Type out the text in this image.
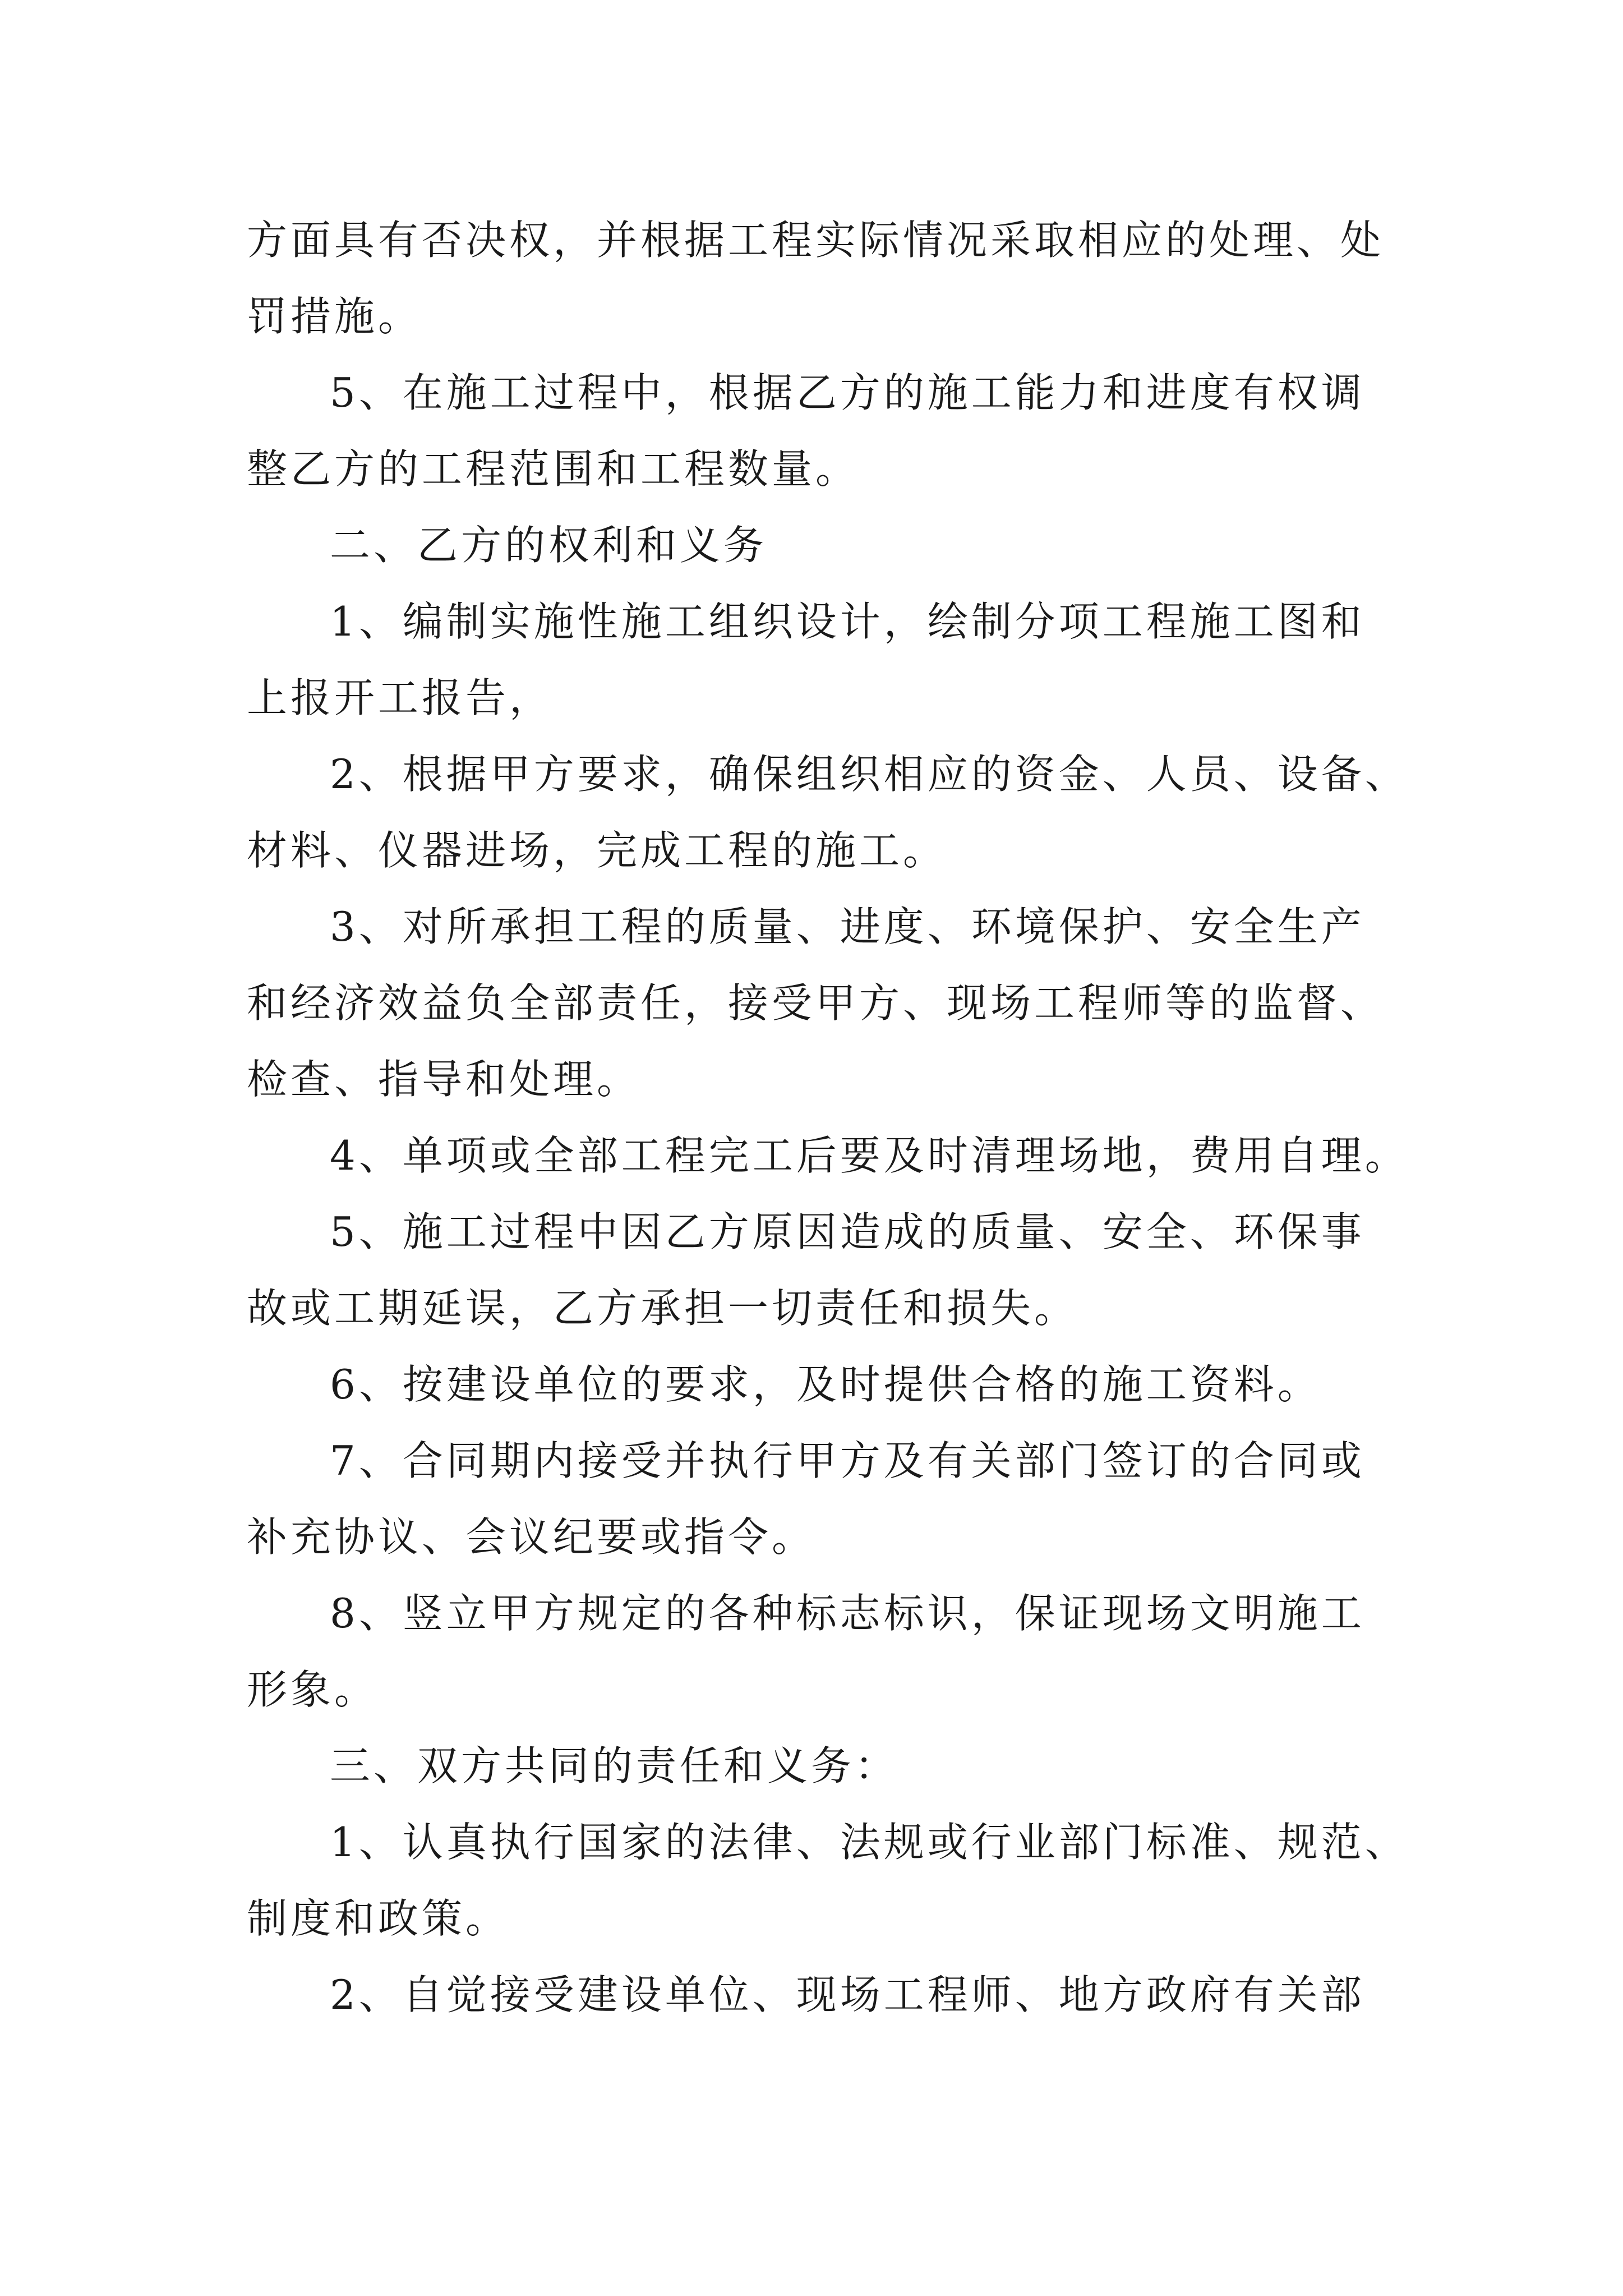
方面具有否决权，并根据工程实际情况采取相应的处理、处
罚措施。
5、在施工过程中，根据乙方的施工能力和进度有权调
整乙方的工程范围和工程数量。
二、乙方的权利和义务
1、编制实施性施工组织设计，绘制分项工程施工图和
上报开工报告，
2、根据甲方要求，确保组织相应的资金、人员、设备、
材料、仪器进场，完成工程的施工。
3、对所承担工程的质量、进度、环境保护、安全生产
和经济效益负全部责任，接受甲方、现场工程师等的监督、
检查、指导和处理。
4、单项或全部工程完工后要及时清理场地，费用自理。
5、施工过程中因乙方原因造成的质量、安全、环保事
故或工期延误，乙方承担一切责任和损失。
6、按建设单位的要求，及时提供合格的施工资料。
7、合同期内接受并执行甲方及有关部门签订的合同或
补充协议、会议纪要或指令。
8、竖立甲方规定的各种标志标识，保证现场文明施工
形象。
三、双方共同的责任和义务：
1、认真执行国家的法律、法规或行业部门标准、规范、
制度和政策。
2、自觉接受建设单位、现场工程师、地方政府有关部
